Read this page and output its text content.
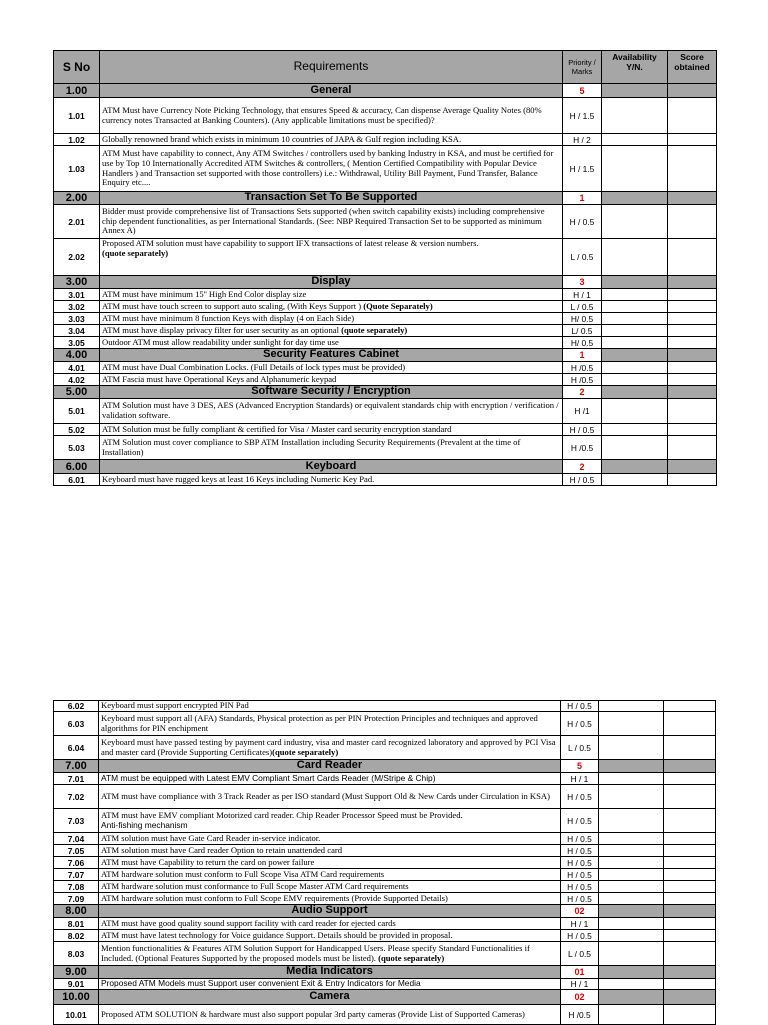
S No	Requirements	Priority / Marks	Availability Y/N.	Score obtained
1.00	General	5		
1.01	ATM Must have Currency Note Picking Technology, that ensures Speed & accuracy, Can dispense Average Quality Notes (80% currency notes Transacted at Banking Counters). (Any applicable limitations must be specified)?	H / 1.5		
1.02	Globally renowned brand which exists in minimum 10 countries of JAPA & Gulf region including KSA.	H / 2		
1.03	ATM Must have capability to connect, Any ATM Switches / controllers used by banking Industry in KSA, and must be certified for use by Top 10 Internationally Accredited ATM Switches & controllers, ( Mention Certified Compatibility with Popular Device Handlers ) and Transaction set supported with those controllers) i.e.: Withdrawal, Utility Bill Payment, Fund Transfer, Balance Enquiry etc....	H / 1.5		
2.00	Transaction Set To Be Supported	1		
2.01	Bidder must provide comprehensive list of Transactions Sets supported (when switch capability exists) including comprehensive chip dependent functionalities, as per International Standards. (See: NBP Required Transaction Set to be supported as minimum Annex A)	H / 0.5		
2.02	Proposed ATM solution must have capability to support IFX transactions of latest release & version numbers.
(quote separately)	L / 0.5		
3.00	Display	3		
3.01	ATM must have minimum 15'' High End Color display size	H / 1		
3.02	ATM must have touch screen to support auto scaling, (With Keys Support ) (Quote Separately)	L / 0.5		
3.03	ATM must have minimum 8 function Keys with display (4 on Each Side)	H/ 0.5		
3.04	ATM must have display privacy filter for user security as an optional (quote separately)	L/ 0.5		
3.05	Outdoor ATM must allow readability under sunlight for day time use	H/ 0.5		
4.00	Security Features Cabinet	1		
4.01	ATM must have Dual Combination Locks. (Full Details of lock types must be provided)	H /0.5		
4.02	ATM Fascia must have Operational Keys and Alphanumeric keypad	H /0.5		
5.00	Software Security / Encryption	2		
5.01	ATM Solution must have 3 DES, AES (Advanced Encryption Standards) or equivalent standards chip with encryption / verification / validation software.	H /1		
5.02	ATM Solution must be fully compliant & certified for Visa / Master card security encryption standard	H / 0.5		
5.03	ATM Solution must cover compliance to SBP ATM Installation including Security Requirements (Prevalent at the time of Installation)	H /0.5		
6.00	Keyboard	2		
6.01	Keyboard must have rugged keys at least 16 Keys including Numeric Key Pad.	H / 0.5		
6.02	Keyboard must support encrypted PIN Pad	H / 0.5		
6.03	Keyboard must support all (AFA) Standards, Physical protection as per PIN Protection Principles and techniques and approved algorithms for PIN enchipment	H / 0.5		
6.04	Keyboard must have passed testing by payment card industry, visa and master card recognized laboratory and approved by PCI Visa and master card (Provide Supporting Certificates)(quote separately)	L / 0.5		
7.00	Card Reader	5		
7.01	ATM must be equipped with Latest EMV Compliant Smart Cards Reader (M/Stripe & Chip)	H / 1		
7.02	ATM must have compliance with 3 Track Reader as per ISO standard (Must Support Old & New Cards under Circulation in KSA)	H / 0.5		
7.03	ATM must have EMV compliant Motorized card reader. Chip Reader Processor Speed must be Provided.
Anti-fishing mechanism	H / 0.5		
7.04	ATM solution must have Gate Card Reader in-service indicator.	H / 0.5		
7.05	ATM solution must have Card reader Option to retain unattended card	H / 0.5		
7.06	ATM must have Capability to return the card on power failure	H / 0.5		
7.07	ATM hardware solution must conform to Full Scope Visa ATM Card requirements	H / 0.5		
7.08	ATM hardware solution must conformance to Full Scope Master ATM Card requirements	H / 0.5		
7.09	ATM hardware solution must conform to Full Scope EMV requirements (Provide Supported Details)	H / 0.5		
8.00	Audio Support	02		
8.01	ATM must have good quality sound support facility with card reader for ejected cards	H / 1		
8.02	ATM must have latest technology for Voice guidance Support. Details should be provided in proposal.	H / 0.5		
8.03	Mention functionalities & Features ATM Solution Support for Handicapped Users. Please specify Standard Functionalities if Included. (Optional Features Supported by the proposed models must be listed). (quote separately)	L / 0.5		
9.00	Media Indicators	01		
9.01	Proposed ATM Models must Support user convenient Exit & Entry Indicators for Media	H / 1		
10.00	Camera	02		
10.01	Proposed ATM SOLUTION & hardware must also support popular 3rd party cameras (Provide List of Supported Cameras)	H /0.5		
